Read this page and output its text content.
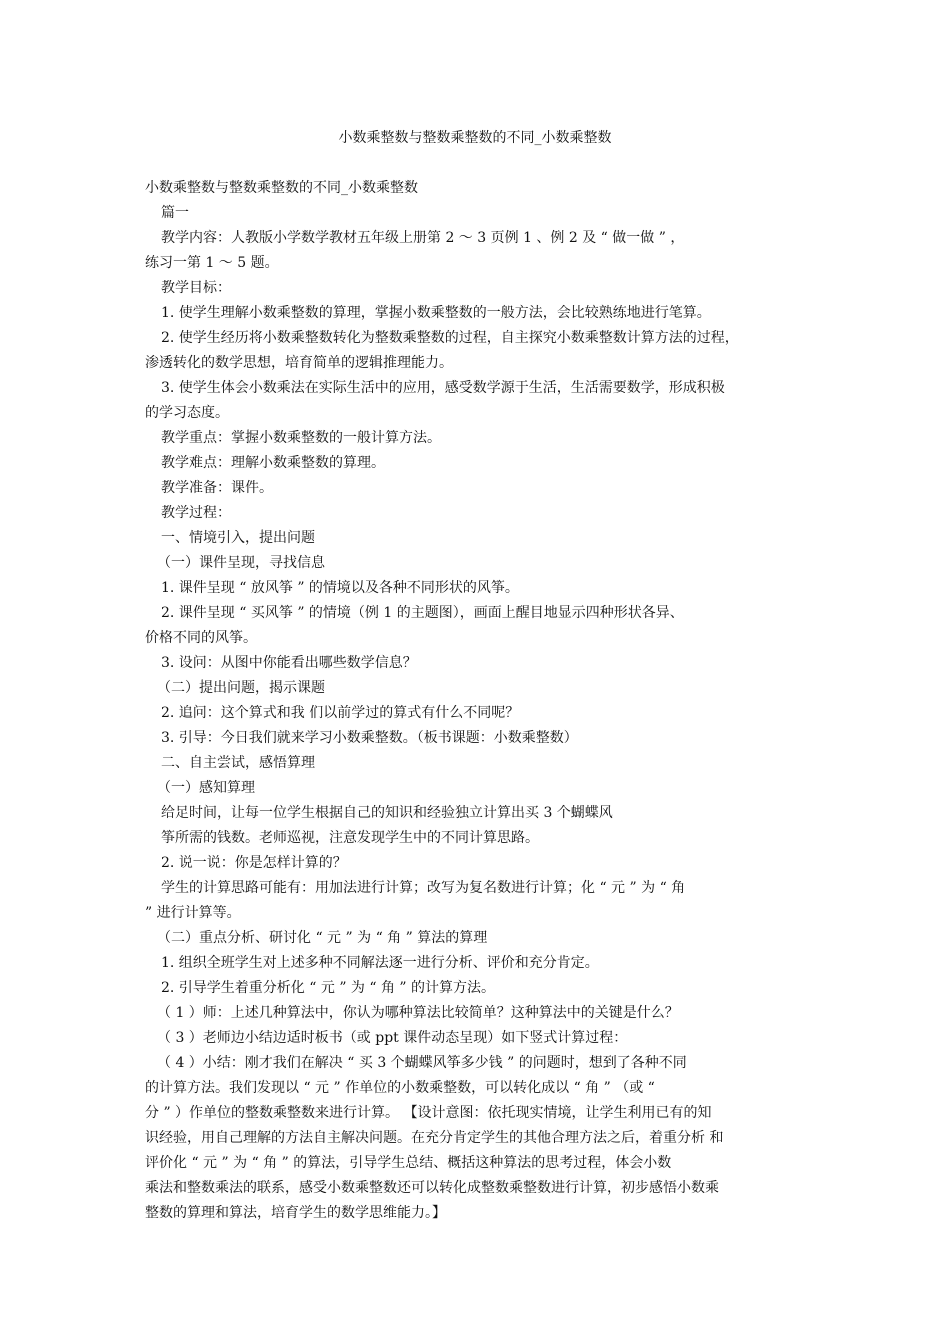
小数乘整数与整数乘整数的不同_小数乘整数

小数乘整数与整数乘整数的不同_小数乘整数

篇一

教学内容：人教版小学数学教材五年级上册第 2 ～ 3 页例 1 、例 2 及 “ 做一做 ” ，

练习一第 1 ～ 5 题。

教学目标：

1. 使学生理解小数乘整数的算理，掌握小数乘整数的一般方法，会比较熟练地进行笔算。

2. 使学生经历将小数乘整数转化为整数乘整数的过程，自主探究小数乘整数计算方法的过程，

渗透转化的数学思想，培育简单的逻辑推理能力。

3. 使学生体会小数乘法在实际生活中的应用，感受数学源于生活，生活需要数学，形成积极

的学习态度。

教学重点：掌握小数乘整数的一般计算方法。

教学难点：理解小数乘整数的算理。

教学准备：课件。

教学过程：

一、情境引入，提出问题

（一）课件呈现，寻找信息

1. 课件呈现 “ 放风筝 ” 的情境以及各种不同形状的风筝。

2. 课件呈现 “ 买风筝 ” 的情境（例 1 的主题图），画面上醒目地显示四种形状各异、

价格不同的风筝。

3. 设问：从图中你能看出哪些数学信息？

（二）提出问题，揭示课题

2. 追问：这个算式和我 们以前学过的算式有什么不同呢？

3. 引导：今日我们就来学习小数乘整数。（板书课题：小数乘整数）

二、自主尝试，感悟算理

（一）感知算理

给足时间，让每一位学生根据自己的知识和经验独立计算出买 3 个蝴蝶风

筝所需的钱数。老师巡视，注意发现学生中的不同计算思路。

2. 说一说：你是怎样计算的？

学生的计算思路可能有：用加法进行计算；改写为复名数进行计算；化 “ 元 ” 为 “ 角

” 进行计算等。

（二）重点分析、研讨化 “ 元 ” 为 “ 角 ” 算法的算理

1. 组织全班学生对上述多种不同解法逐一进行分析、评价和充分肯定。

2. 引导学生着重分析化 “ 元 ” 为 “ 角 ” 的计算方法。

（ 1 ）师：上述几种算法中，你认为哪种算法比较简单？这种算法中的关键是什么？

（ 3 ）老师边小结边适时板书（或 ppt 课件动态呈现）如下竖式计算过程：

（ 4 ）小结：刚才我们在解决 “ 买 3 个蝴蝶风筝多少钱 ” 的问题时，想到了各种不同

的计算方法。我们发现以 “ 元 ” 作单位的小数乘整数，可以转化成以 “ 角 ” （或 “

分 ” ）作单位的整数乘整数来进行计算。 【设计意图：依托现实情境，让学生利用已有的知

识经验，用自己理解的方法自主解决问题。在充分肯定学生的其他合理方法之后，着重分析 和

评价化 “ 元 ” 为 “ 角 ” 的算法，引导学生总结、概括这种算法的思考过程，体会小数

乘法和整数乘法的联系，感受小数乘整数还可以转化成整数乘整数进行计算，初步感悟小数乘

整数的算理和算法，培育学生的数学思维能力。】
